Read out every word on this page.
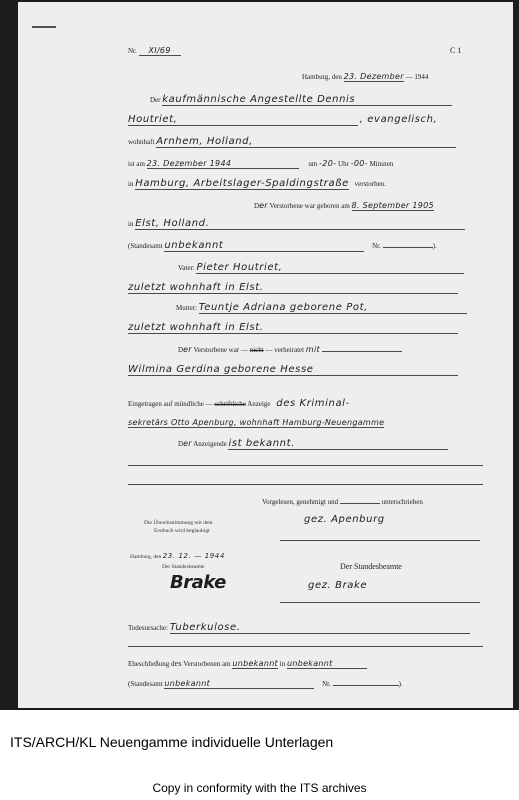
Nr. XI/69	C 1
Hamburg, den 23. Dezember — 1944
Der kaufmännische Angestellte Dennis
Houtriet,	, evangelisch,
wohnhaft Arnhem, Holland,
ist am 23. Dezember 1944	um -20- Uhr -00- Minuten
in Hamburg, Arbeitslager-Spaldingstraße verstorben.
Der Verstorbene war geboren am 8. September 1905
in Elst, Holland.
(Standesamt unbekannt	Nr.	).
Vater: Pieter Houtriet,
zuletzt wohnhaft in Elst.
Mutter: Teuntje Adriana geborene Pot,
zuletzt wohnhaft in Elst.
Der Verstorbene war — nicht — verheiratet mit
Wilmina Gerdina geborene Hesse
Eingetragen auf mündliche — schriftliche Anzeige des Kriminal-
sekretärs Otto Apenburg, wohnhaft Hamburg-Neuengamme
Der Anzeigende ist bekannt.
Vorgelesen, genehmigt und	unterschrieben
gez. Apenburg
Die Übereinstimmung mit dem
Erstbuch wird beglaubigt
Hamburg, den 23. 12. — 1944
Der Standesbeamte	Der Standesbeamte
Brake	gez. Brake
Todesursache: Tuberkulose.
Eheschließung des Verstorbenen am unbekannt in unbekannt
(Standesamt unbekannt	Nr.	).
ITS/ARCH/KL Neuengamme individuelle Unterlagen
Copy in conformity with the ITS archives
